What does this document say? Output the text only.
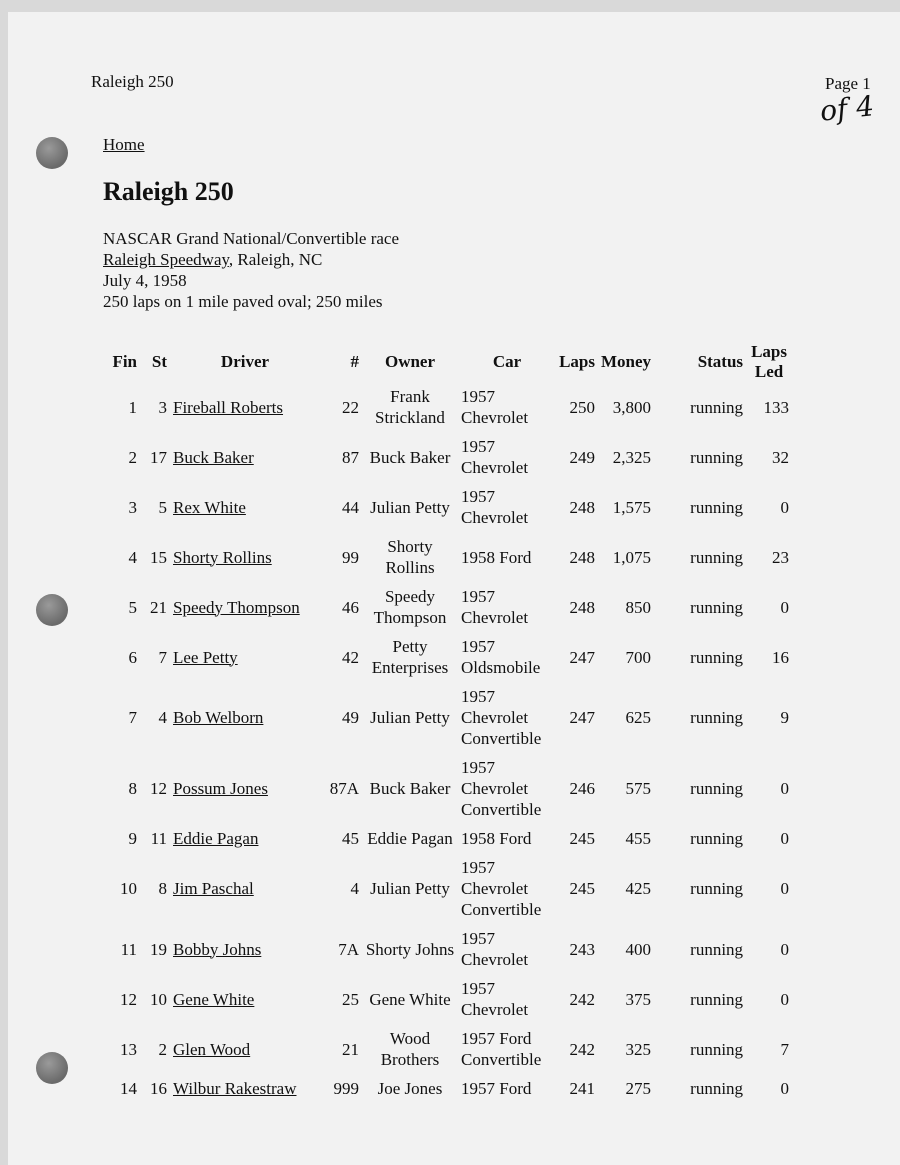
Raleigh 250	Page 1
of 4
Home
Raleigh 250
NASCAR Grand National/Convertible race
Raleigh Speedway, Raleigh, NC
July 4, 1958
250 laps on 1 mile paved oval; 250 miles
Fin	St	Driver	#	Owner	Car	Laps	Money	Status	Laps Led
1	3	Fireball Roberts	22	Frank Strickland	1957 Chevrolet	250	3,800	running	133
2	17	Buck Baker	87	Buck Baker	1957 Chevrolet	249	2,325	running	32
3	5	Rex White	44	Julian Petty	1957 Chevrolet	248	1,575	running	0
4	15	Shorty Rollins	99	Shorty Rollins	1958 Ford	248	1,075	running	23
5	21	Speedy Thompson	46	Speedy Thompson	1957 Chevrolet	248	850	running	0
6	7	Lee Petty	42	Petty Enterprises	1957 Oldsmobile	247	700	running	16
7	4	Bob Welborn	49	Julian Petty	1957 Chevrolet Convertible	247	625	running	9
8	12	Possum Jones	87A	Buck Baker	1957 Chevrolet Convertible	246	575	running	0
9	11	Eddie Pagan	45	Eddie Pagan	1958 Ford	245	455	running	0
10	8	Jim Paschal	4	Julian Petty	1957 Chevrolet Convertible	245	425	running	0
11	19	Bobby Johns	7A	Shorty Johns	1957 Chevrolet	243	400	running	0
12	10	Gene White	25	Gene White	1957 Chevrolet	242	375	running	0
13	2	Glen Wood	21	Wood Brothers	1957 Ford Convertible	242	325	running	7
14	16	Wilbur Rakestraw	999	Joe Jones	1957 Ford	241	275	running	0
